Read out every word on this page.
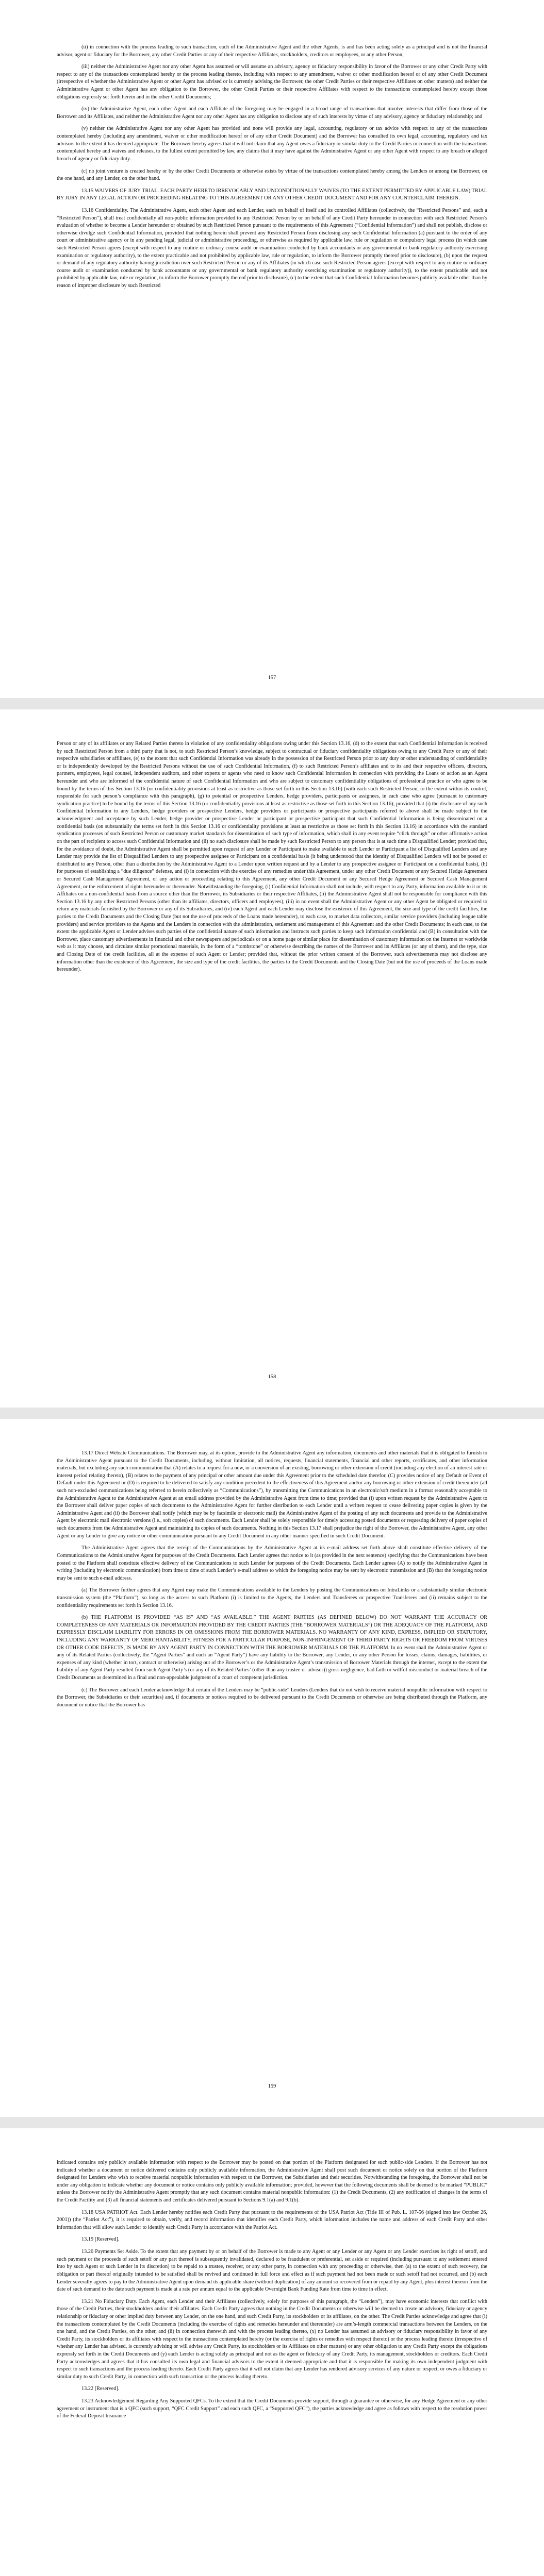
(ii) in connection with the process leading to such transaction, each of the Administrative Agent and the other Agents, is and has been acting solely as a principal and is not the financial advisor, agent or fiduciary for the Borrower, any other Credit Parties or any of their respective Affiliates, stockholders, creditors or employees, or any other Person;

(iii) neither the Administrative Agent nor any other Agent has assumed or will assume an advisory, agency or fiduciary responsibility in favor of the Borrower or any other Credit Party with respect to any of the transactions contemplated hereby or the process leading thereto, including with respect to any amendment, waiver or other modification hereof or of any other Credit Document (irrespective of whether the Administrative Agent or other Agent has advised or is currently advising the Borrower, the other Credit Parties or their respective Affiliates on other matters) and neither the Administrative Agent or other Agent has any obligation to the Borrower, the other Credit Parties or their respective Affiliates with respect to the transactions contemplated hereby except those obligations expressly set forth herein and in the other Credit Documents;

(iv) the Administrative Agent, each other Agent and each Affiliate of the foregoing may be engaged in a broad range of transactions that involve interests that differ from those of the Borrower and its Affiliates, and neither the Administrative Agent nor any other Agent has any obligation to disclose any of such interests by virtue of any advisory, agency or fiduciary relationship; and

(v) neither the Administrative Agent nor any other Agent has provided and none will provide any legal, accounting, regulatory or tax advice with respect to any of the transactions contemplated hereby (including any amendment, waiver or other modification hereof or of any other Credit Document) and the Borrower has consulted its own legal, accounting, regulatory and tax advisors to the extent it has deemed appropriate. The Borrower hereby agrees that it will not claim that any Agent owes a fiduciary or similar duty to the Credit Parties in connection with the transactions contemplated hereby and waives and releases, to the fullest extent permitted by law, any claims that it may have against the Administrative Agent or any other Agent with respect to any breach or alleged breach of agency or fiduciary duty.

(c) no joint venture is created hereby or by the other Credit Documents or otherwise exists by virtue of the transactions contemplated hereby among the Lenders or among the Borrower, on the one hand, and any Lender, on the other hand.

13.15 WAIVERS OF JURY TRIAL. EACH PARTY HERETO IRREVOCABLY AND UNCONDITIONALLY WAIVES (TO THE EXTENT PERMITTED BY APPLICABLE LAW) TRIAL BY JURY IN ANY LEGAL ACTION OR PROCEEDING RELATING TO THIS AGREEMENT OR ANY OTHER CREDIT DOCUMENT AND FOR ANY COUNTERCLAIM THEREIN.

13.16 Confidentiality. The Administrative Agent, each other Agent and each Lender, each on behalf of itself and its controlled Affiliates (collectively, the “Restricted Persons” and, each a “Restricted Person”), shall treat confidentially all non-public information provided to any Restricted Person by or on behalf of any Credit Party hereunder in connection with such Restricted Person’s evaluation of whether to become a Lender hereunder or obtained by such Restricted Person pursuant to the requirements of this Agreement (“Confidential Information”) and shall not publish, disclose or otherwise divulge such Confidential Information, provided that nothing herein shall prevent any Restricted Person from disclosing any such Confidential Information (a) pursuant to the order of any court or administrative agency or in any pending legal, judicial or administrative proceeding, or otherwise as required by applicable law, rule or regulation or compulsory legal process (in which case such Restricted Person agrees (except with respect to any routine or ordinary course audit or examination conducted by bank accountants or any governmental or bank regulatory authority exercising examination or regulatory authority), to the extent practicable and not prohibited by applicable law, rule or regulation, to inform the Borrower promptly thereof prior to disclosure), (b) upon the request or demand of any regulatory authority having jurisdiction over such Restricted Person or any of its Affiliates (in which case such Restricted Person agrees (except with respect to any routine or ordinary course audit or examination conducted by bank accountants or any governmental or bank regulatory authority exercising examination or regulatory authority)), to the extent practicable and not prohibited by applicable law, rule or regulation, to inform the Borrower promptly thereof prior to disclosure), (c) to the extent that such Confidential Information becomes publicly available other than by reason of improper disclosure by such Restricted

157

Person or any of its affiliates or any Related Parties thereto in violation of any confidentiality obligations owing under this Section 13.16, (d) to the extent that such Confidential Information is received by such Restricted Person from a third party that is not, to such Restricted Person’s knowledge, subject to contractual or fiduciary confidentiality obligations owing to any Credit Party or any of their respective subsidiaries or affiliates, (e) to the extent that such Confidential Information was already in the possession of the Restricted Person prior to any duty or other understanding of confidentiality or is independently developed by the Restricted Persons without the use of such Confidential Information, (f) to such Restricted Person’s affiliates and to its and their respective officers, directors, partners, employees, legal counsel, independent auditors, and other experts or agents who need to know such Confidential Information in connection with providing the Loans or action as an Agent hereunder and who are informed of the confidential nature of such Confidential Information and who are subject to customary confidentiality obligations of professional practice or who agree to be bound by the terms of this Section 13.16 (or confidentiality provisions at least as restrictive as those set forth in this Section 13.16) (with each such Restricted Person, to the extent within its control, responsible for such person’s compliance with this paragraph), (g) to potential or prospective Lenders, hedge providers, participants or assignees, in each case who agree (pursuant to customary syndication practice) to be bound by the terms of this Section 13.16 (or confidentiality provisions at least as restrictive as those set forth in this Section 13.16); provided that (i) the disclosure of any such Confidential Information to any Lenders, hedge providers or prospective Lenders, hedge providers or participants or prospective participants referred to above shall be made subject to the acknowledgment and acceptance by such Lender, hedge provider or prospective Lender or participant or prospective participant that such Confidential Information is being disseminated on a confidential basis (on substantially the terms set forth in this Section 13.16 or confidentiality provisions at least as restrictive as those set forth in this Section 13.16) in accordance with the standard syndication processes of such Restricted Person or customary market standards for dissemination of such type of information, which shall in any event require “click through” or other affirmative action on the part of recipient to access such Confidential Information and (ii) no such disclosure shall be made by such Restricted Person to any person that is at such time a Disqualified Lender; provided that, for the avoidance of doubt, the Administrative Agent shall be permitted upon request of any Lender or Participant to make available to such Lender or Participant a list of Disqualified Lenders and any Lender may provide the list of Disqualified Lenders to any prospective assignee or Participant on a confidential basis (it being understood that the identity of Disqualified Lenders will not be posted or distributed to any Person, other than a distribution by the Administrative Agent to a Lender upon written request and by a Lender to any prospective assignee or Participant on a confidential basis), (h) for purposes of establishing a “due diligence” defense, and (i) in connection with the exercise of any remedies under this Agreement, under any other Credit Document or any Secured Hedge Agreement or Secured Cash Management Agreement, or any action or proceeding relating to this Agreement, any other Credit Document or any Secured Hedge Agreement or Secured Cash Management Agreement, or the enforcement of rights hereunder or thereunder. Notwithstanding the foregoing, (i) Confidential Information shall not include, with respect to any Party, information available to it or its Affiliates on a non-confidential basis from a source other than the Borrower, its Subsidiaries or their respective Affiliates, (ii) the Administrative Agent shall not be responsible for compliance with this Section 13.16 by any other Restricted Persons (other than its affiliates, directors, officers and employees), (iii) in no event shall the Administrative Agent or any other Agent be obligated or required to return any materials furnished by the Borrower or any of its Subsidiaries, and (iv) each Agent and each Lender may disclose the existence of this Agreement, the size and type of the credit facilities, the parties to the Credit Documents and the Closing Date (but not the use of proceeds of the Loans made hereunder), to each case, to market data collectors, similar service providers (including league table providers) and service providers to the Agents and the Lenders in connection with the administration, settlement and management of this Agreement and the other Credit Documents; in each case, to the extent the applicable Agent or Lender advises such parties of the confidential nature of such information and instructs such parties to keep such information confidential and (B) in consultation with the Borrower, place customary advertisements in financial and other newspapers and periodicals or on a home page or similar place for dissemination of customary information on the Internet or worldwide web as it may choose, and circulate similar promotional materials, in the form of a “tombstone” or otherwise describing the names of the Borrower and its Affiliates (or any of them), and the type, size and Closing Date of the credit facilities, all at the expense of such Agent or Lender; provided that, without the prior written consent of the Borrower, such advertisements may not disclose any information other than the existence of this Agreement, the size and type of the credit facilities, the parties to the Credit Documents and the Closing Date (but not the use of proceeds of the Loans made hereunder).

158

13.17 Direct Website Communications. The Borrower may, at its option, provide to the Administrative Agent any information, documents and other materials that it is obligated to furnish to the Administrative Agent pursuant to the Credit Documents, including, without limitation, all notices, requests, financial statements, financial and other reports, certificates, and other information materials, but excluding any such communication that (A) relates to a request for a new, or a conversion of an existing, borrowing or other extension of credit (including any election of an interest rate or interest period relating thereto), (B) relates to the payment of any principal or other amount due under this Agreement prior to the scheduled date therefor, (C) provides notice of any Default or Event of Default under this Agreement or (D) is required to be delivered to satisfy any condition precedent to the effectiveness of this Agreement and/or any borrowing or other extension of credit thereunder (all such non-excluded communications being referred to herein collectively as “Communications”), by transmitting the Communications in an electronic/soft medium in a format reasonably acceptable to the Administrative Agent to the Administrative Agent at an email address provided by the Administrative Agent from time to time; provided that (i) upon written request by the Administrative Agent to the Borrower shall deliver paper copies of such documents to the Administrative Agent for further distribution to each Lender until a written request to cease delivering paper copies is given by the Administrative Agent and (ii) the Borrower shall notify (which may be by facsimile or electronic mail) the Administrative Agent of the posting of any such documents and provide to the Administrative Agent by electronic mail electronic versions (i.e., soft copies) of such documents. Each Lender shall be solely responsible for timely accessing posted documents or requesting delivery of paper copies of such documents from the Administrative Agent and maintaining its copies of such documents. Nothing in this Section 13.17 shall prejudice the right of the Borrower, the Administrative Agent, any other Agent or any Lender to give any notice or other communication pursuant to any Credit Document in any other manner specified in such Credit Document.

The Administrative Agent agrees that the receipt of the Communications by the Administrative Agent at its e-mail address set forth above shall constitute effective delivery of the Communications to the Administrative Agent for purposes of the Credit Documents. Each Lender agrees that notice to it (as provided in the next sentence) specifying that the Communications have been posted to the Platform shall constitute effective delivery of the Communications to such Lender for purposes of the Credit Documents. Each Lender agrees (A) to notify the Administrative Agent in writing (including by electronic communication) from time to time of such Lender’s e-mail address to which the foregoing notice may be sent by electronic transmission and (B) that the foregoing notice may be sent to such e-mail address.

(a) The Borrower further agrees that any Agent may make the Communications available to the Lenders by posting the Communications on IntraLinks or a substantially similar electronic transmission system (the “Platform”), so long as the access to such Platform (i) is limited to the Agents, the Lenders and Transferees or prospective Transferees and (ii) remains subject to the confidentiality requirements set forth in Section 13.16.

(b) THE PLATFORM IS PROVIDED “AS IS” AND “AS AVAILABLE.” THE AGENT PARTIES (AS DEFINED BELOW) DO NOT WARRANT THE ACCURACY OR COMPLETENESS OF ANY MATERIALS OR INFORMATION PROVIDED BY THE CREDIT PARTIES (THE “BORROWER MATERIALS”) OR THE ADEQUACY OF THE PLATFORM, AND EXPRESSLY DISCLAIM LIABILITY FOR ERRORS IN OR OMISSIONS FROM THE BORROWER MATERIALS. NO WARRANTY OF ANY KIND, EXPRESS, IMPLIED OR STATUTORY, INCLUDING ANY WARRANTY OF MERCHANTABILITY, FITNESS FOR A PARTICULAR PURPOSE, NON-INFRINGEMENT OF THIRD PARTY RIGHTS OR FREEDOM FROM VIRUSES OR OTHER CODE DEFECTS, IS MADE BY ANY AGENT PARTY IN CONNECTION WITH THE BORROWER MATERIALS OR THE PLATFORM. In no event shall the Administrative Agent or any of its Related Parties (collectively, the “Agent Parties” and each an “Agent Party”) have any liability to the Borrower, any Lender, or any other Person for losses, claims, damages, liabilities, or expenses of any kind (whether in tort, contract or otherwise) arising out of the Borrower’s or the Administrative Agent’s transmission of Borrower Materials through the internet, except to the extent the liability of any Agent Party resulted from such Agent Party’s (or any of its Related Parties’ (other than any trustee or advisor)) gross negligence, bad faith or willful misconduct or material breach of the Credit Documents as determined in a final and non-appealable judgment of a court of competent jurisdiction.

(c) The Borrower and each Lender acknowledge that certain of the Lenders may be “public-side” Lenders (Lenders that do not wish to receive material nonpublic information with respect to the Borrower, the Subsidiaries or their securities) and, if documents or notices required to be delivered pursuant to the Credit Documents or otherwise are being distributed through the Platform, any document or notice that the Borrower has

159

indicated contains only publicly available information with respect to the Borrower may be posted on that portion of the Platform designated for such public-side Lenders. If the Borrower has not indicated whether a document or notice delivered contains only publicly available information, the Administrative Agent shall post such document or notice solely on that portion of the Platform designated for Lenders who wish to receive material nonpublic information with respect to the Borrower, the Subsidiaries and their securities. Notwithstanding the foregoing, the Borrower shall not be under any obligation to indicate whether any document or notice contains only publicly available information; provided, however that the following documents shall be deemed to be marked “PUBLIC” unless the Borrower notify the Administrative Agent promptly that any such document contains material nonpublic information: (1) the Credit Documents, (2) any notification of changes in the terms of the Credit Facility and (3) all financial statements and certificates delivered pursuant to Sections 9.1(a) and 9.1(b).

13.18 USA PATRIOT Act. Each Lender hereby notifies each Credit Party that pursuant to the requirements of the USA Patriot Act (Title III of Pub. L. 107-56 (signed into law October 26, 2001)) (the “Patriot Act”), it is required to obtain, verify, and record information that identifies each Credit Party, which information includes the name and address of each Credit Party and other information that will allow such Lender to identify each Credit Party in accordance with the Patriot Act.

13.19 [Reserved].

13.20 Payments Set Aside. To the extent that any payment by or on behalf of the Borrower is made to any Agent or any Lender or any Agent or any Lender exercises its right of setoff, and such payment or the proceeds of such setoff or any part thereof is subsequently invalidated, declared to be fraudulent or preferential, set aside or required (including pursuant to any settlement entered into by such Agent or such Lender in its discretion) to be repaid to a trustee, receiver, or any other party, in connection with any proceeding or otherwise, then (a) to the extent of such recovery, the obligation or part thereof originally intended to be satisfied shall be revived and continued in full force and effect as if such payment had not been made or such setoff had not occurred, and (b) each Lender severally agrees to pay to the Administrative Agent upon demand its applicable share (without duplication) of any amount so recovered from or repaid by any Agent, plus interest thereon from the date of such demand to the date such payment is made at a rate per annum equal to the applicable Overnight Bank Funding Rate from time to time in effect.

13.21 No Fiduciary Duty. Each Agent, each Lender and their Affiliates (collectively, solely for purposes of this paragraph, the “Lenders”), may have economic interests that conflict with those of the Credit Parties, their stockholders and/or their affiliates. Each Credit Party agrees that nothing in the Credit Documents or otherwise will be deemed to create an advisory, fiduciary or agency relationship or fiduciary or other implied duty between any Lender, on the one hand, and such Credit Party, its stockholders or its affiliates, on the other. The Credit Parties acknowledge and agree that (i) the transactions contemplated by the Credit Documents (including the exercise of rights and remedies hereunder and thereunder) are arm’s-length commercial transactions between the Lenders, on the one hand, and the Credit Parties, on the other, and (ii) in connection therewith and with the process leading thereto, (x) no Lender has assumed an advisory or fiduciary responsibility in favor of any Credit Party, its stockholders or its affiliates with respect to the transactions contemplated hereby (or the exercise of rights or remedies with respect thereto) or the process leading thereto (irrespective of whether any Lender has advised, is currently advising or will advise any Credit Party, its stockholders or its Affiliates on other matters) or any other obligation to any Credit Party except the obligations expressly set forth in the Credit Documents and (y) each Lender is acting solely as principal and not as the agent or fiduciary of any Credit Party, its management, stockholders or creditors. Each Credit Party acknowledges and agrees that it has consulted its own legal and financial advisors to the extent it deemed appropriate and that it is responsible for making its own independent judgment with respect to such transactions and the process leading thereto. Each Credit Party agrees that it will not claim that any Lender has rendered advisory services of any nature or respect, or owes a fiduciary or similar duty to such Credit Party, in connection with such transaction or the process leading thereto.

13.22 [Reserved].

13.23 Acknowledgement Regarding Any Supported QFCs. To the extent that the Credit Documents provide support, through a guarantee or otherwise, for any Hedge Agreement or any other agreement or instrument that is a QFC (such support, “QFC Credit Support” and each such QFC, a “Supported QFC”), the parties acknowledge and agree as follows with respect to the resolution power of the Federal Deposit Insurance
